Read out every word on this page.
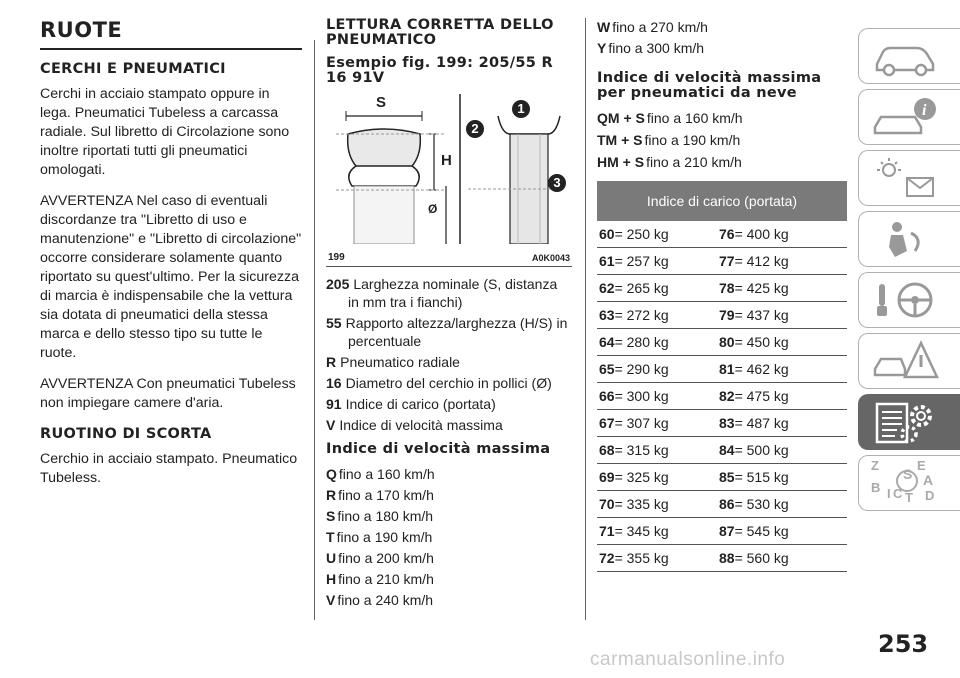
RUOTE
CERCHI E PNEUMATICI

Cerchi in acciaio stampato oppure in lega. Pneumatici Tubeless a carcassa radiale. Sul libretto di Circolazione sono inoltre riportati tutti gli pneumatici omologati.

AVVERTENZA Nel caso di eventuali discordanze tra "Libretto di uso e manutenzione" e "Libretto di circolazione" occorre considerare solamente quanto riportato su quest'ultimo. Per la sicurezza di marcia è indispensabile che la vettura sia dotata di pneumatici della stessa marca e dello stesso tipo su tutte le ruote.

AVVERTENZA Con pneumatici Tubeless non impiegare camere d'aria.

RUOTINO DI SCORTA

Cerchio in acciaio stampato. Pneumatico Tubeless.

LETTURA CORRETTA DELLO PNEUMATICO
Esempio fig. 199: 205/55 R 16 91V
S
H
Ø
2
1
3
199	A0K0043
205 Larghezza nominale (S, distanza in mm tra i fianchi)
55 Rapporto altezza/larghezza (H/S) in percentuale
R Pneumatico radiale
16 Diametro del cerchio in pollici (Ø)
91 Indice di carico (portata)
V Indice di velocità massima
Indice di velocità massima
Q fino a 160 km/h
R fino a 170 km/h
S fino a 180 km/h
T fino a 190 km/h
U fino a 200 km/h
H fino a 210 km/h
V fino a 240 km/h
W fino a 270 km/h
Y fino a 300 km/h
Indice di velocità massima per pneumatici da neve
QM + S fino a 160 km/h
TM + S fino a 190 km/h
HM + S fino a 210 km/h
Indice di carico (portata)	
60= 250 kg	76= 400 kg
61= 257 kg	77= 412 kg
62= 265 kg	78= 425 kg
63= 272 kg	79= 437 kg
64= 280 kg	80= 450 kg
65= 290 kg	81= 462 kg
66= 300 kg	82= 475 kg
67= 307 kg	83= 487 kg
68= 315 kg	84= 500 kg
69= 325 kg	85= 515 kg
70= 335 kg	86= 530 kg
71= 345 kg	87= 545 kg
72= 355 kg	88= 560 kg
i
Z	E
S A
B I C T D
253
carmanualsonline.info
